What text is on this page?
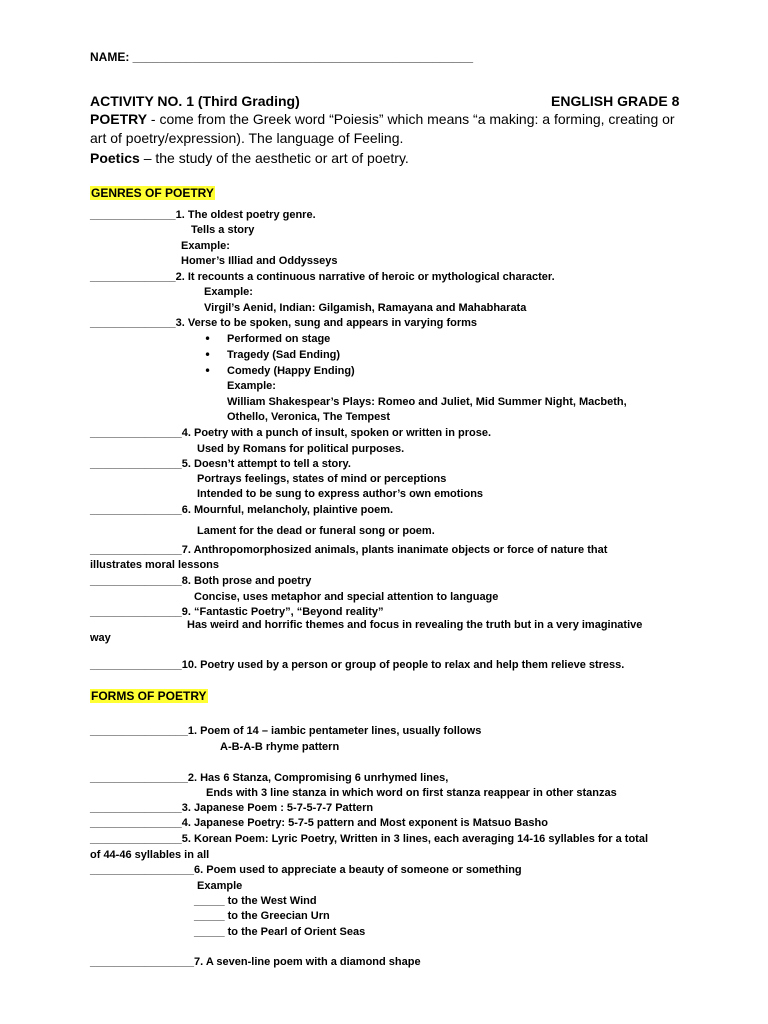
NAME: ___________________________________________________
ACTIVITY NO. 1 (Third Grading)	ENGLISH GRADE 8
POETRY - come from the Greek word “Poiesis” which means “a making: a forming, creating or
art of poetry/expression). The language of Feeling.
Poetics – the study of the aesthetic or art of poetry.
GENRES OF POETRY
______________1. The oldest poetry genre.
Tells a story
Example:
Homer’s Illiad and Oddysseys
______________2. It recounts a continuous narrative of heroic or mythological character.
Example:
Virgil’s Aenid, Indian: Gilgamish, Ramayana and Mahabharata
______________3. Verse to be spoken, sung and appears in varying forms
• Performed on stage
• Tragedy (Sad Ending)
• Comedy (Happy Ending)
Example:
William Shakespear’s Plays: Romeo and Juliet, Mid Summer Night, Macbeth,
Othello, Veronica, The Tempest
_______________4. Poetry with a punch of insult, spoken or written in prose.
Used by Romans for political purposes.
_______________5. Doesn’t attempt to tell a story.
Portrays feelings, states of mind or perceptions
Intended to be sung to express author’s own emotions
_______________6. Mournful, melancholy, plaintive poem.
Lament for the dead or funeral song or poem.
_______________7. Anthropomorphosized animals, plants inanimate objects or force of nature that
illustrates moral lessons
_______________8. Both prose and poetry
Concise, uses metaphor and special attention to language
_______________9. “Fantastic Poetry”, “Beyond reality”
Has weird and horrific themes and focus in revealing the truth but in a very imaginative
way
_______________10. Poetry used by a person or group of people to relax and help them relieve stress.
FORMS OF POETRY
________________1. Poem of 14 – iambic pentameter lines, usually follows
A-B-A-B rhyme pattern
________________2. Has 6 Stanza, Compromising 6 unrhymed lines,
Ends with 3 line stanza in which word on first stanza reappear in other stanzas
_______________3. Japanese Poem : 5-7-5-7-7 Pattern
_______________4. Japanese Poetry: 5-7-5 pattern and Most exponent is Matsuo Basho
_______________5. Korean Poem: Lyric Poetry, Written in 3 lines, each averaging 14-16 syllables for a total
of 44-46 syllables in all
_________________6. Poem used to appreciate a beauty of someone or something
Example
_____ to the West Wind
_____ to the Greecian Urn
_____ to the Pearl of Orient Seas
_________________7. A seven-line poem with a diamond shape
